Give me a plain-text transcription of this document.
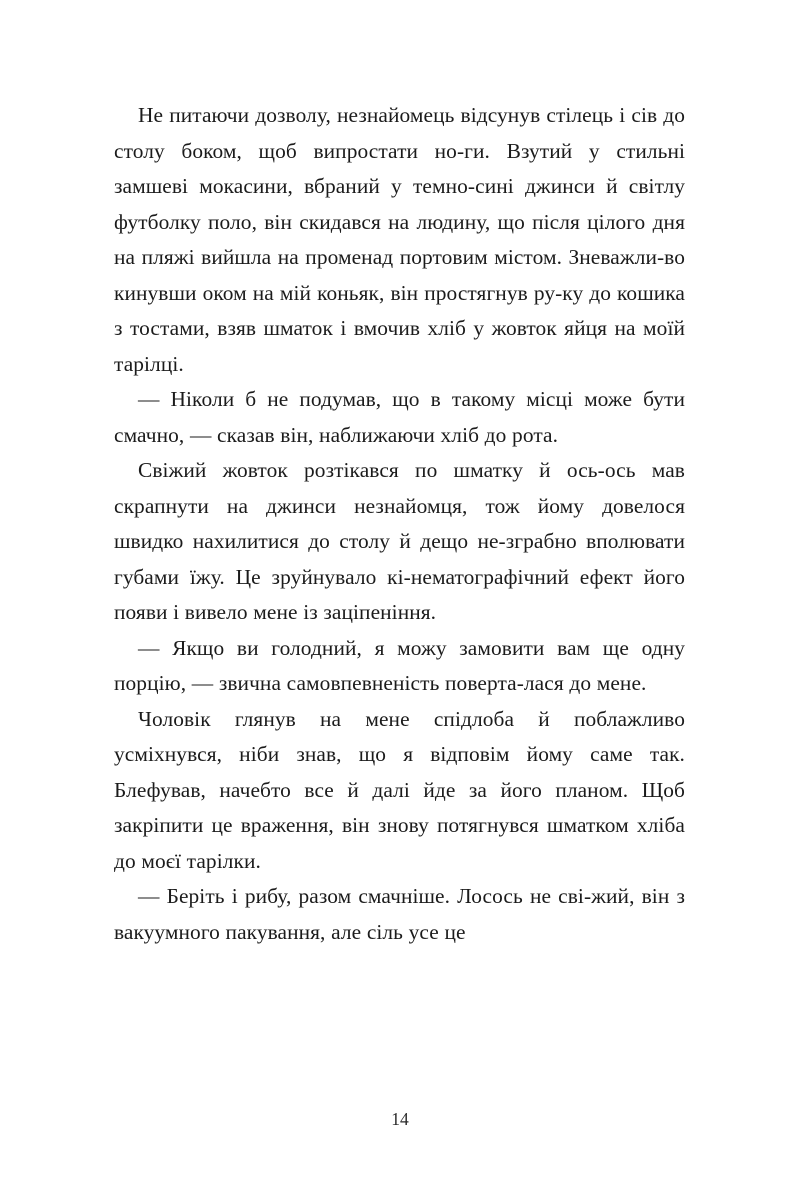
Не питаючи дозволу, незнайомець відсунув стілець і сів до столу боком, щоб випростати но-ги. Взутий у стильні замшеві мокасини, вбраний у темно-сині джинси й світлу футболку поло, він скидався на людину, що після цілого дня на пляжі вийшла на променад портовим містом. Зневажли-во кинувши оком на мій коньяк, він простягнув ру-ку до кошика з тостами, взяв шматок і вмочив хліб у жовток яйця на моїй тарілці.

— Ніколи б не подумав, що в такому місці може бути смачно, — сказав він, наближаючи хліб до рота.

Свіжий жовток розтікався по шматку й ось-ось мав скрапнути на джинси незнайомця, тож йому довелося швидко нахилитися до столу й дещо не-зграбно вполювати губами їжу. Це зруйнувало кі-нематографічний ефект його появи і вивело мене із заціпеніння.

— Якщо ви голодний, я можу замовити вам ще одну порцію, — звична самовпевненість поверта-лася до мене.

Чоловік глянув на мене спідлоба й поблажливо усміхнувся, ніби знав, що я відповім йому саме так. Блефував, начебто все й далі йде за його планом. Щоб закріпити це враження, він знову потягнувся шматком хліба до моєї тарілки.

— Беріть і рибу, разом смачніше. Лосось не сві-жий, він з вакуумного пакування, але сіль усе це

14
